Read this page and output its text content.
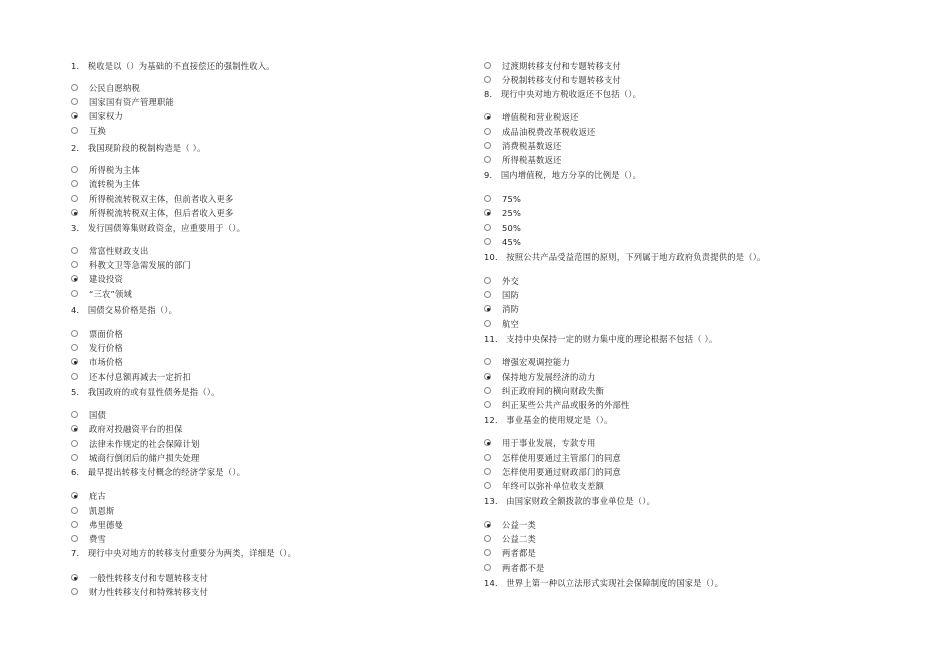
1． 税收是以（）为基础的不直接偿还的强制性收入。
公民自愿纳税
国家国有资产管理职能
国家权力
互换
2． 我国现阶段的税制构造是（ ）。
所得税为主体
流转税为主体
所得税流转税双主体，但前者收入更多
所得税流转税双主体，但后者收入更多
3． 发行国债筹集财政资金，应重要用于（）。
常富性财政支出
科教文卫等急需发展的部门
建设投资
“三农”领域
4． 国债交易价格是指（）。
票面价格
发行价格
市场价格
还本付息额再减去一定折扣
5． 我国政府的或有显性债务是指（）。
国债
政府对投融资平台的担保
法律未作规定的社会保障计划
城商行倒闭后的储户损失处理
6． 最早提出转移支付概念的经济学家是（）。
庇古
凯恩斯
弗里德曼
费雪
7． 现行中央对地方的转移支付重要分为两类，详细是（）。
一般性转移支付和专题转移支付
财力性转移支付和特殊转移支付
过渡期转移支付和专题转移支付
分税制转移支付和专题转移支付
8． 现行中央对地方税收返还不包括（）。
增值税和营业税返还
成品油税费改革税收返还
消费税基数返还
所得税基数返还
9． 国内增值税，地方分享的比例是（）。
75%
25%
50%
45%
10． 按照公共产品受益范围的原则，下列属于地方政府负责提供的是（）。
外交
国防
消防
航空
11． 支持中央保持一定的财力集中度的理论根据不包括（ ）。
增强宏观调控能力
保持地方发展经济的动力
纠正政府间的横向财政失衡
纠正某些公共产品或服务的外部性
12． 事业基金的使用规定是（）。
用于事业发展，专款专用
怎样使用要通过主管部门的同意
怎样使用要通过财政部门的同意
年终可以弥补单位收支差额
13． 由国家财政全额拨款的事业单位是（）。
公益一类
公益二类
两者都是
两者都不是
14． 世界上第一种以立法形式实现社会保障制度的国家是（）。
